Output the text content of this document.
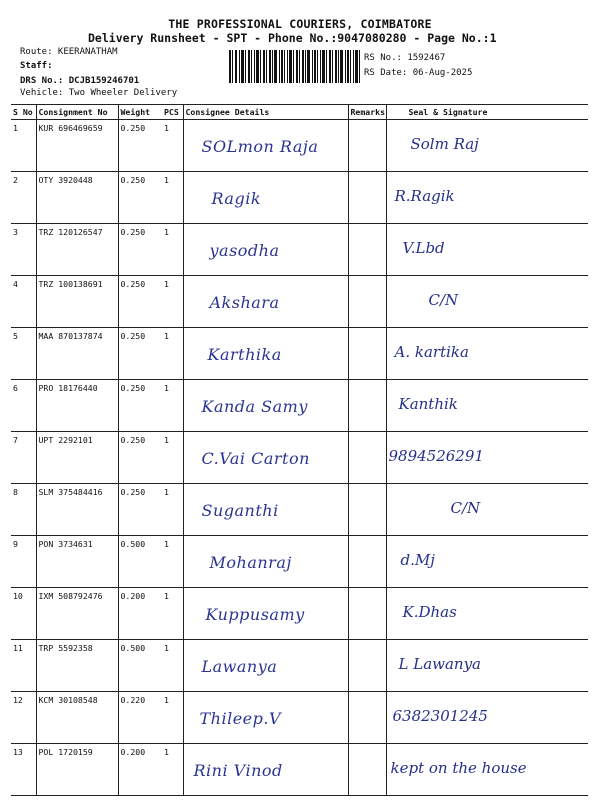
THE PROFESSIONAL COURIERS, COIMBATORE
Delivery Runsheet - SPT - Phone No.:9047080280 - Page No.:1
Route: KEERANATHAM
Staff:
DRS No.: DCJB159246701
Vehicle: Two Wheeler Delivery
RS No.: 1592467
RS Date: 06-Aug-2025
S No	Consignment No	Weight	PCS	Consignee Details	Remarks	Seal & Signature
1	KUR 696469659	0.250	1	SOLmon Raja		Solm Raj

2	OTY 3920448	0.250	1	Ragik		R.Ragik

3	TRZ 120126547	0.250	1	yasodha		V.Lbd

4	TRZ 100138691	0.250	1	Akshara		C/N

5	MAA 870137874	0.250	1	Karthika		A. kartika

6	PRO 18176440	0.250	1	Kanda Samy		Kanthik

7	UPT 2292101	0.250	1	C.Vai Carton		9894526291

8	SLM 375484416	0.250	1	Suganthi		C/N

9	PON 3734631	0.500	1	Mohanraj		d.Mj

10	IXM 508792476	0.200	1	Kuppusamy		K.Dhas

11	TRP 5592358	0.500	1	Lawanya		L Lawanya

12	KCM 30108548	0.220	1	Thileep.V		6382301245

13	POL 1720159	0.200	1	Rini Vinod		kept on the house
